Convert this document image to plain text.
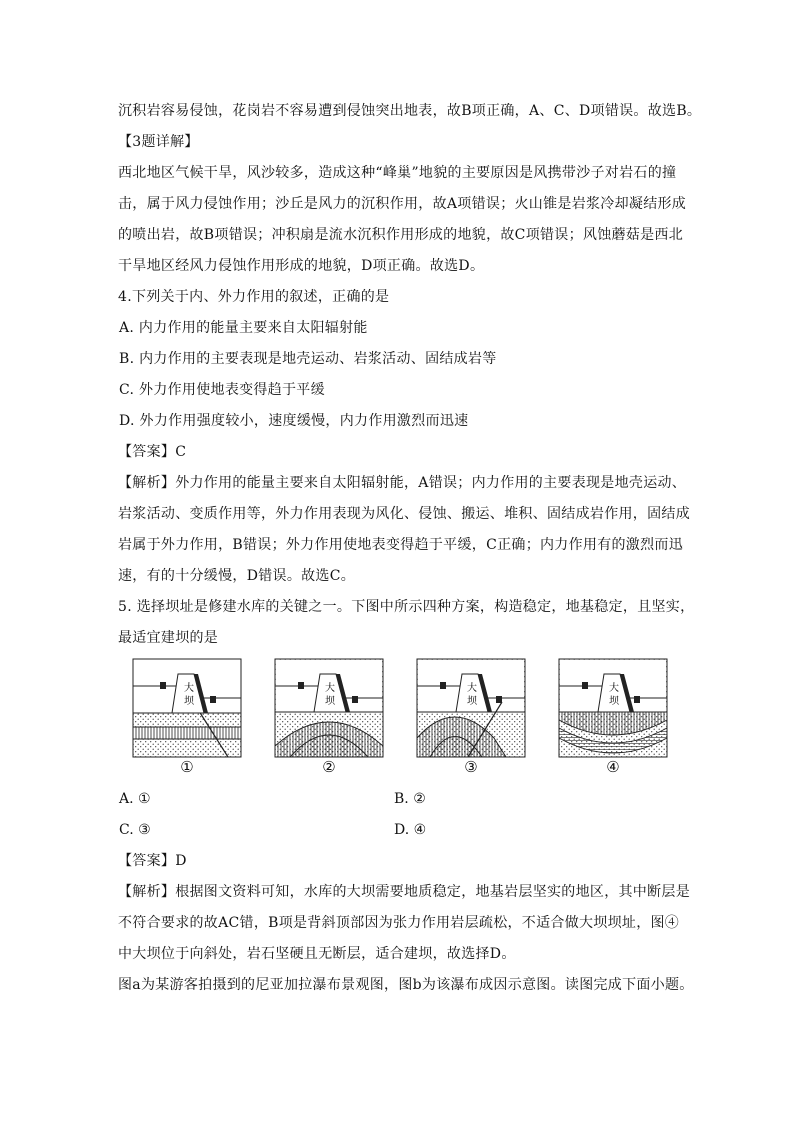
沉积岩容易侵蚀，花岗岩不容易遭到侵蚀突出地表，故B项正确，A、C、D项错误。故选B。
【3题详解】
西北地区气候干旱，风沙较多，造成这种“峰巢”地貌的主要原因是风携带沙子对岩石的撞
击，属于风力侵蚀作用；沙丘是风力的沉积作用，故A项错误；火山锥是岩浆冷却凝结形成
的喷出岩，故B项错误；冲积扇是流水沉积作用形成的地貌，故C项错误；风蚀蘑菇是西北
干旱地区经风力侵蚀作用形成的地貌，D项正确。故选D。
4.下列关于内、外力作用的叙述，正确的是
A. 内力作用的能量主要来自太阳辐射能
B. 内力作用的主要表现是地壳运动、岩浆活动、固结成岩等
C. 外力作用使地表变得趋于平缓
D. 外力作用强度较小，速度缓慢，内力作用激烈而迅速
【答案】C
【解析】外力作用的能量主要来自太阳辐射能，A错误；内力作用的主要表现是地壳运动、
岩浆活动、变质作用等，外力作用表现为风化、侵蚀、搬运、堆积、固结成岩作用，固结成
岩属于外力作用，B错误；外力作用使地表变得趋于平缓，C正确；内力作用有的激烈而迅
速，有的十分缓慢，D错误。故选C。
5. 选择坝址是修建水库的关键之一。下图中所示四种方案，构造稳定，地基稳定，且坚实，
最适宜建坝的是
大
坝
①
大
坝
②
大
坝
③
大
坝
④
A. ①	B. ②
C. ③	D. ④
【答案】D
【解析】根据图文资料可知，水库的大坝需要地质稳定，地基岩层坚实的地区，其中断层是
不符合要求的故AC错，B项是背斜顶部因为张力作用岩层疏松，不适合做大坝坝址，图④
中大坝位于向斜处，岩石坚硬且无断层，适合建坝，故选择D。
图a为某游客拍摄到的尼亚加拉瀑布景观图，图b为该瀑布成因示意图。读图完成下面小题。
